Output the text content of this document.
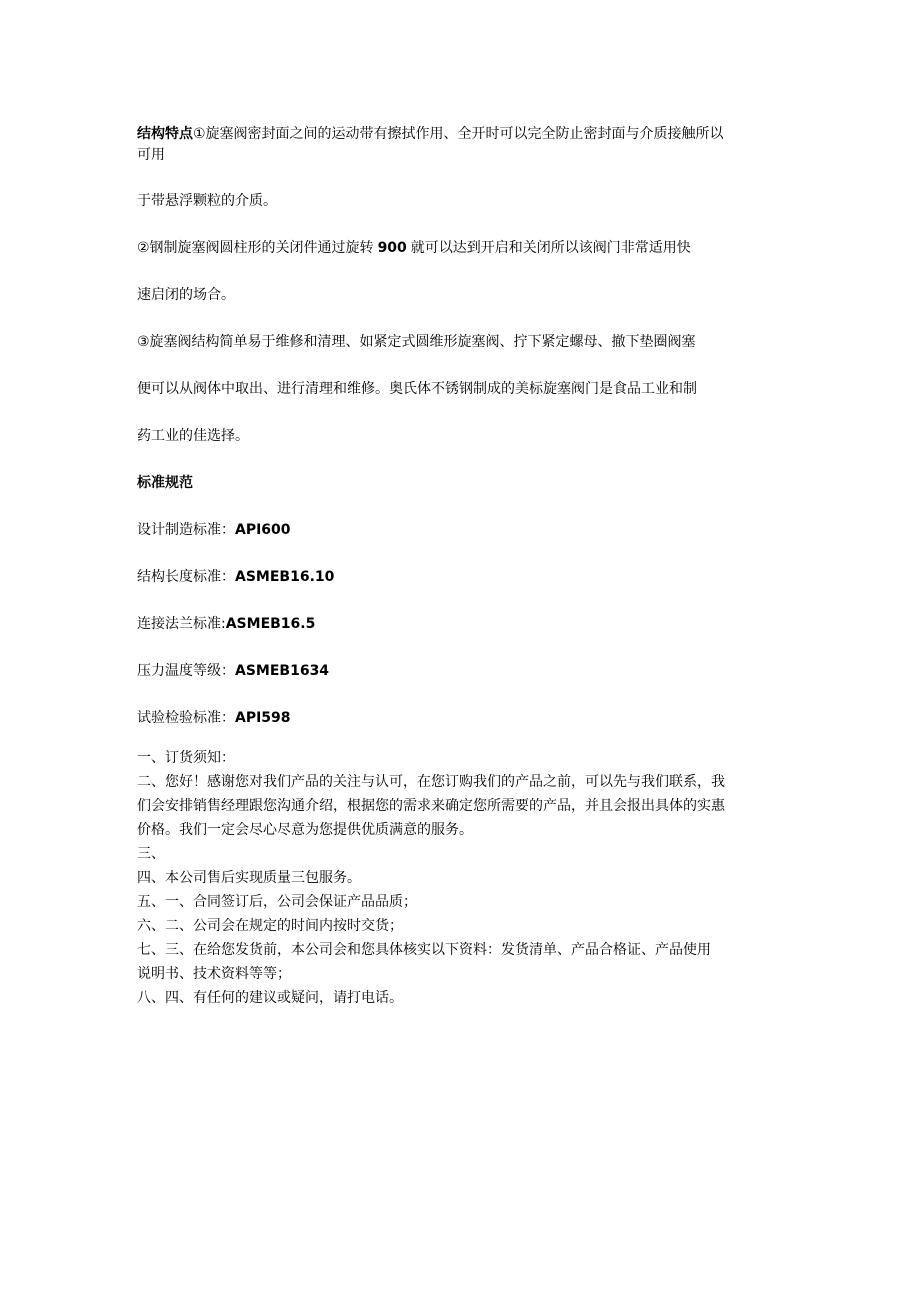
结构特点①旋塞阀密封面之间的运动带有擦拭作用、全开时可以完全防止密封面与介质接触所以
可用
于带悬浮颗粒的介质。
②钢制旋塞阀圆柱形的关闭件通过旋转 900 就可以达到开启和关闭所以该阀门非常适用快
速启闭的场合。
③旋塞阀结构简单易于维修和清理、如紧定式圆维形旋塞阀、拧下紧定螺母、撤下垫圈阀塞
便可以从阀体中取出、进行清理和维修。奥氏体不锈钢制成的美标旋塞阀门是食品工业和制
药工业的佳选择。
标准规范
设计制造标准：API600
结构长度标准：ASMEB16.10
连接法兰标准:ASMEB16.5
压力温度等级：ASMEB1634
试验检验标准：API598
一、订货须知：
二、您好！感谢您对我们产品的关注与认可，在您订购我们的产品之前，可以先与我们联系，我
们会安排销售经理跟您沟通介绍，根据您的需求来确定您所需要的产品，并且会报出具体的实惠
价格。我们一定会尽心尽意为您提供优质满意的服务。
三、
四、本公司售后实现质量三包服务。
五、一、合同签订后，公司会保证产品品质；
六、二、公司会在规定的时间内按时交货；
七、三、在给您发货前，本公司会和您具体核实以下资料：发货清单、产品合格证、产品使用
说明书、技术资料等等；
八、四、有任何的建议或疑问，请打电话。
